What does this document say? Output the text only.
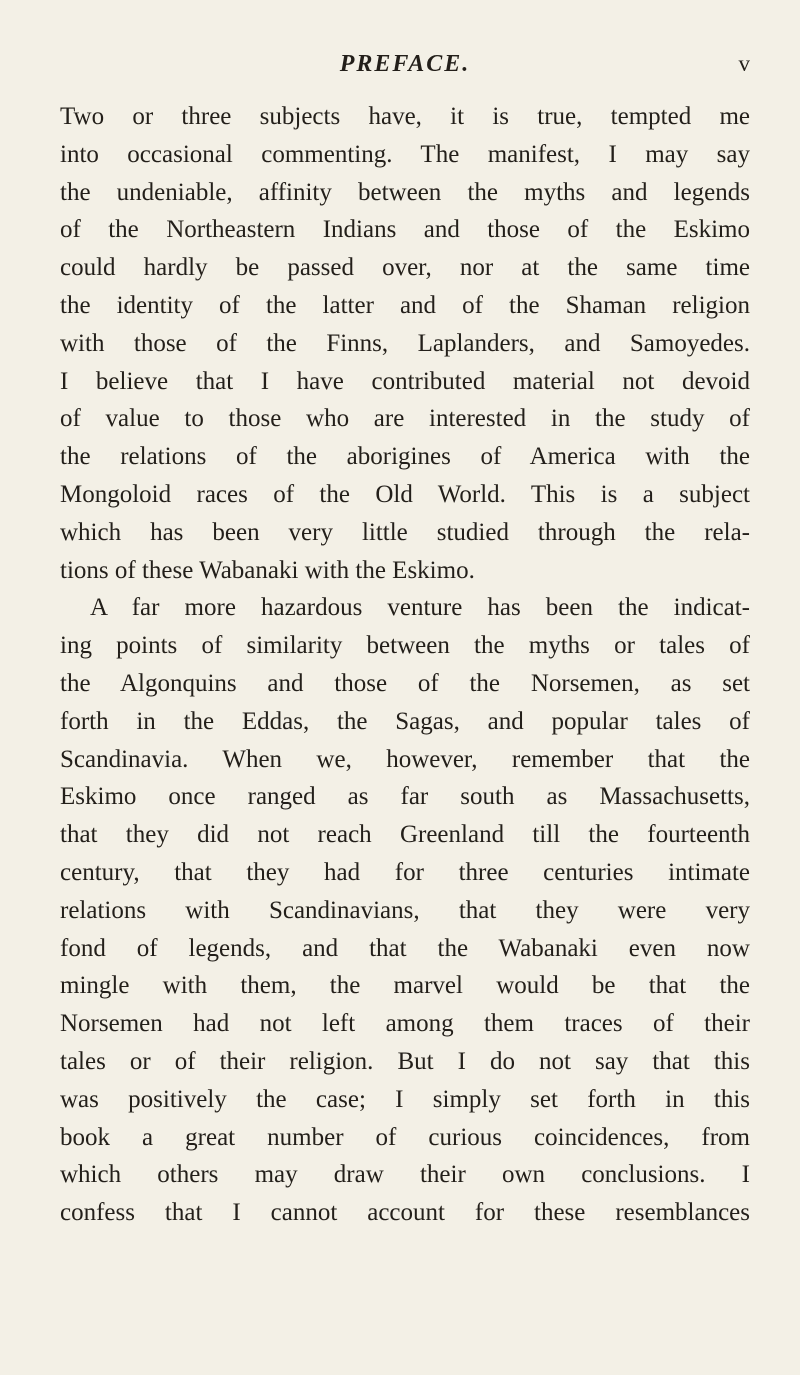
PREFACE.	v
Two or three subjects have, it is true, tempted me
into occasional commenting. The manifest, I may say
the undeniable, affinity between the myths and legends
of the Northeastern Indians and those of the Eskimo
could hardly be passed over, nor at the same time
the identity of the latter and of the Shaman religion
with those of the Finns, Laplanders, and Samoyedes.
I believe that I have contributed material not devoid
of value to those who are interested in the study of
the relations of the aborigines of America with the
Mongoloid races of the Old World. This is a subject
which has been very little studied through the rela-
tions of these Wabanaki with the Eskimo.
A far more hazardous venture has been the indicat-
ing points of similarity between the myths or tales of
the Algonquins and those of the Norsemen, as set
forth in the Eddas, the Sagas, and popular tales of
Scandinavia. When we, however, remember that the
Eskimo once ranged as far south as Massachusetts,
that they did not reach Greenland till the fourteenth
century, that they had for three centuries intimate
relations with Scandinavians, that they were very
fond of legends, and that the Wabanaki even now
mingle with them, the marvel would be that the
Norsemen had not left among them traces of their
tales or of their religion. But I do not say that this
was positively the case; I simply set forth in this
book a great number of curious coincidences, from
which others may draw their own conclusions. I
confess that I cannot account for these resemblances
